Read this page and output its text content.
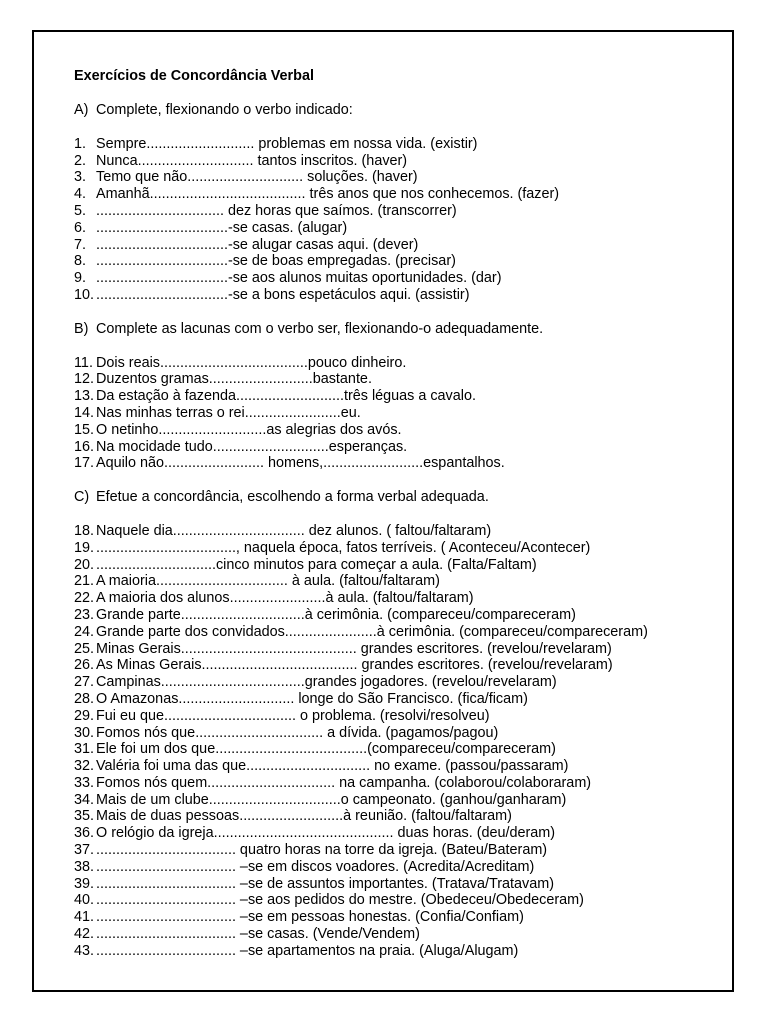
Exercícios de Concordância Verbal
A) Complete, flexionando o verbo indicado:
1. Sempre........................... problemas em nossa vida. (existir)
2. Nunca............................. tantos inscritos. (haver)
3. Temo que não............................. soluções. (haver)
4. Amanhã....................................... três anos que nos conhecemos. (fazer)
5. ................................ dez horas que saímos. (transcorrer)
6. .................................-se casas. (alugar)
7. .................................-se alugar casas aqui. (dever)
8. .................................-se de boas empregadas. (precisar)
9. .................................-se aos alunos muitas oportunidades. (dar)
10. .................................-se a bons espetáculos aqui. (assistir)
B) Complete as lacunas com o verbo ser, flexionando-o adequadamente.
11. Dois reais.....................................pouco dinheiro.
12. Duzentos gramas..........................bastante.
13. Da estação à fazenda...........................três léguas a cavalo.
14. Nas minhas terras o rei........................eu.
15. O netinho...........................as alegrias dos avós.
16. Na mocidade tudo.............................esperanças.
17. Aquilo não......................... homens,.........................espantalhos.
C) Efetue a concordância, escolhendo a forma verbal adequada.
18. Naquele dia................................. dez alunos. ( faltou/faltaram)
19. ..................................., naquela época, fatos terríveis. ( Aconteceu/Acontecer)
20. ..............................cinco minutos para começar a aula. (Falta/Faltam)
21. A maioria................................. à aula. (faltou/faltaram)
22. A maioria dos alunos........................à aula. (faltou/faltaram)
23. Grande parte...............................à cerimônia. (compareceu/compareceram)
24. Grande parte dos convidados.......................à cerimônia. (compareceu/compareceram)
25. Minas Gerais............................................ grandes escritores. (revelou/revelaram)
26. As Minas Gerais....................................... grandes escritores. (revelou/revelaram)
27. Campinas....................................grandes jogadores. (revelou/revelaram)
28. O Amazonas............................. longe do São Francisco. (fica/ficam)
29. Fui eu que................................. o problema. (resolvi/resolveu)
30. Fomos nós que................................ a dívida. (pagamos/pagou)
31. Ele foi um dos que......................................(compareceu/compareceram)
32. Valéria foi uma das que............................... no exame. (passou/passaram)
33. Fomos nós quem................................ na campanha. (colaborou/colaboraram)
34. Mais de um clube.................................o campeonato. (ganhou/ganharam)
35. Mais de duas pessoas..........................à reunião. (faltou/faltaram)
36. O relógio da igreja............................................. duas horas. (deu/deram)
37. ................................... quatro horas na torre da igreja. (Bateu/Bateram)
38. ................................... –se em discos voadores. (Acredita/Acreditam)
39. ................................... –se de assuntos importantes. (Tratava/Tratavam)
40. ................................... –se aos pedidos do mestre. (Obedeceu/Obedeceram)
41. ................................... –se em pessoas honestas. (Confia/Confiam)
42. ................................... –se casas. (Vende/Vendem)
43. ................................... –se apartamentos na praia. (Aluga/Alugam)
